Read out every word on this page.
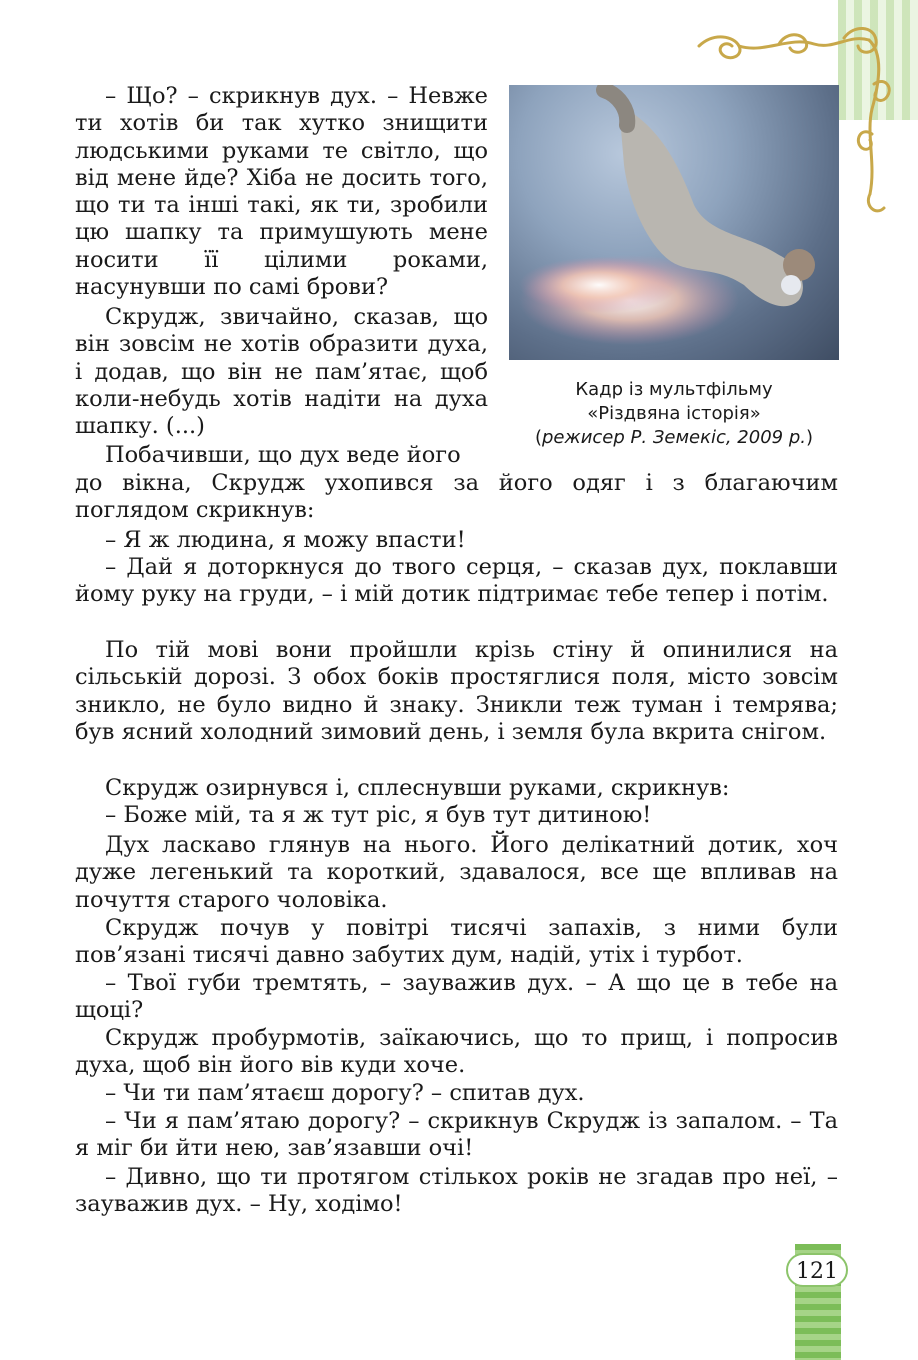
Кадр із мультфільму
«Різдвяна історія»
(режисер Р. Земекіс, 2009 р.)

– Що? – скрикнув дух. – Невже ти хотів би так хутко знищити людськими руками те світло, що від мене йде? Хіба не досить того, що ти та інші такі, як ти, зробили цю шапку та примушують мене носити її цілими роками, насунувши по самі брови?

Скрудж, звичайно, сказав, що він зовсім не хотів образити духа, і додав, що він не пам’ятає, щоб коли-небудь хотів надіти на духа шапку. (...)

Побачивши, що дух веде його

до вікна, Скрудж ухопився за його одяг і з благаючим поглядом скрикнув:

– Я ж людина, я можу впасти!

– Дай я доторкнуся до твого серця, – сказав дух, поклавши йому руку на груди, – і мій дотик підтримає тебе тепер і потім.

По тій мові вони пройшли крізь стіну й опинилися на сільській дорозі. З обох боків простяглися поля, місто зовсім зникло, не було видно й знаку. Зникли теж туман і темрява; був ясний холодний зимовий день, і земля була вкрита снігом.

Скрудж озирнувся і, сплеснувши руками, скрикнув:

– Боже мій, та я ж тут ріс, я був тут дитиною!

Дух ласкаво глянув на нього. Його делікатний дотик, хоч дуже легенький та короткий, здавалося, все ще впливав на почуття старого чоловіка.

Скрудж почув у повітрі тисячі запахів, з ними були пов’язані тисячі давно забутих дум, надій, утіх і турбот.

– Твої губи тремтять, – зауважив дух. – А що це в тебе на щоці?

Скрудж пробурмотів, заїкаючись, що то прищ, і попросив духа, щоб він його вів куди хоче.

– Чи ти пам’ятаєш дорогу? – спитав дух.

– Чи я пам’ятаю дорогу? – скрикнув Скрудж із запалом. – Та я міг би йти нею, зав’язавши очі!

– Дивно, що ти протягом стількох років не згадав про неї, – зауважив дух. – Ну, ходімо!

121
